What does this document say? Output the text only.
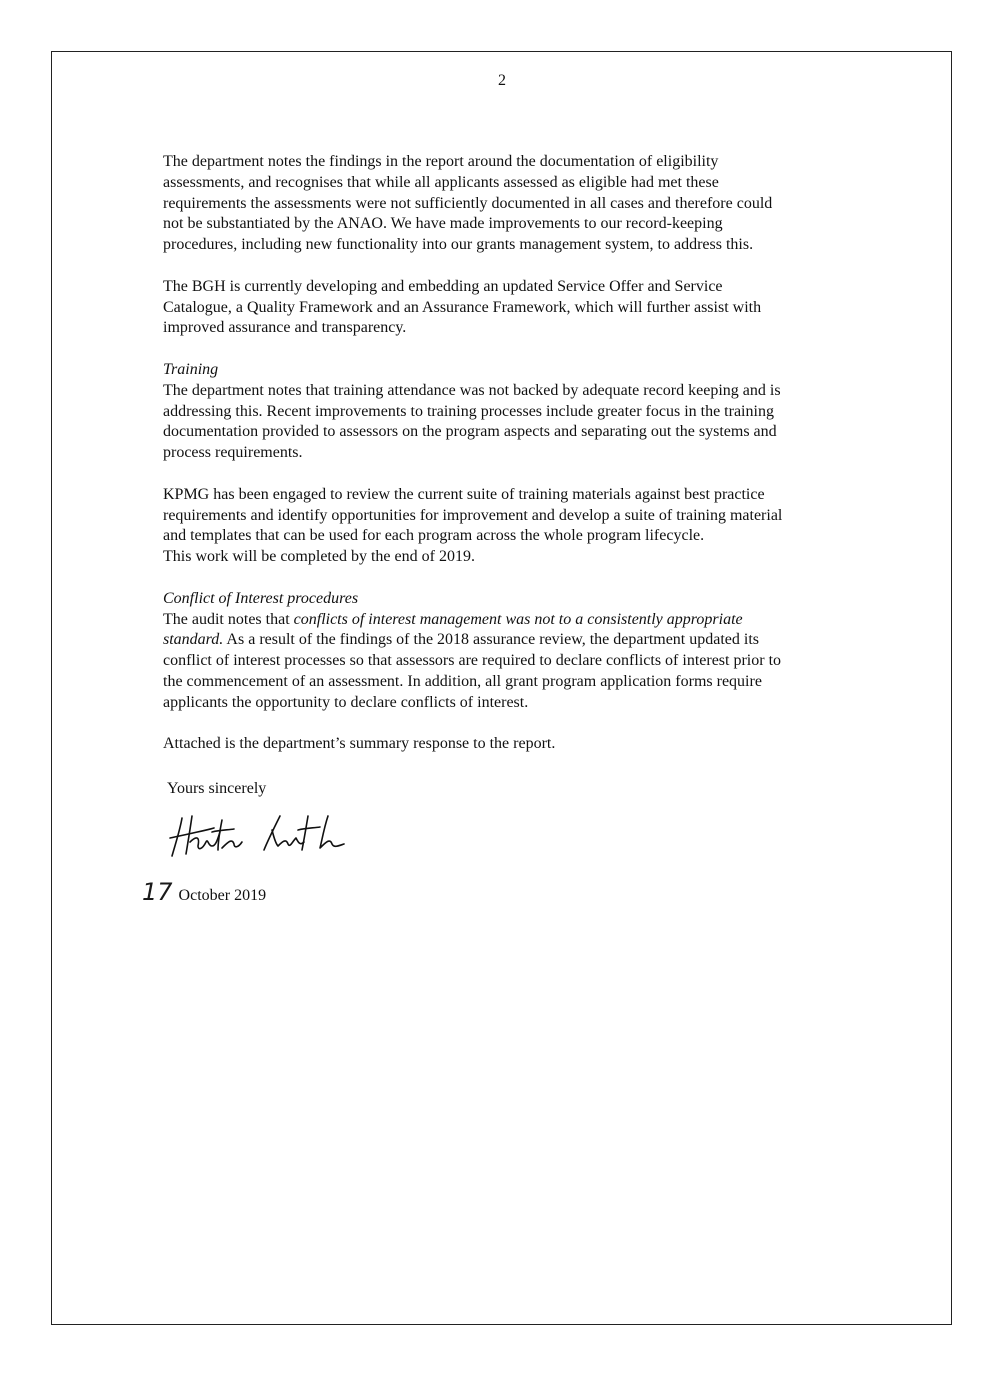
2

The department notes the findings in the report around the documentation of eligibility
assessments, and recognises that while all applicants assessed as eligible had met these
requirements the assessments were not sufficiently documented in all cases and therefore could
not be substantiated by the ANAO. We have made improvements to our record-keeping
procedures, including new functionality into our grants management system, to address this.

The BGH is currently developing and embedding an updated Service Offer and Service
Catalogue, a Quality Framework and an Assurance Framework, which will further assist with
improved assurance and transparency.

Training
The department notes that training attendance was not backed by adequate record keeping and is
addressing this. Recent improvements to training processes include greater focus in the training
documentation provided to assessors on the program aspects and separating out the systems and
process requirements.

KPMG has been engaged to review the current suite of training materials against best practice
requirements and identify opportunities for improvement and develop a suite of training material
and templates that can be used for each program across the whole program lifecycle.
This work will be completed by the end of 2019.

Conflict of Interest procedures
The audit notes that conflicts of interest management was not to a consistently appropriate
standard. As a result of the findings of the 2018 assurance review, the department updated its
conflict of interest processes so that assessors are required to declare conflicts of interest prior to
the commencement of an assessment. In addition, all grant program application forms require
applicants the opportunity to declare conflicts of interest.

Attached is the department’s summary response to the report.

Yours sincerely
Heather Smith
17 October 2019
